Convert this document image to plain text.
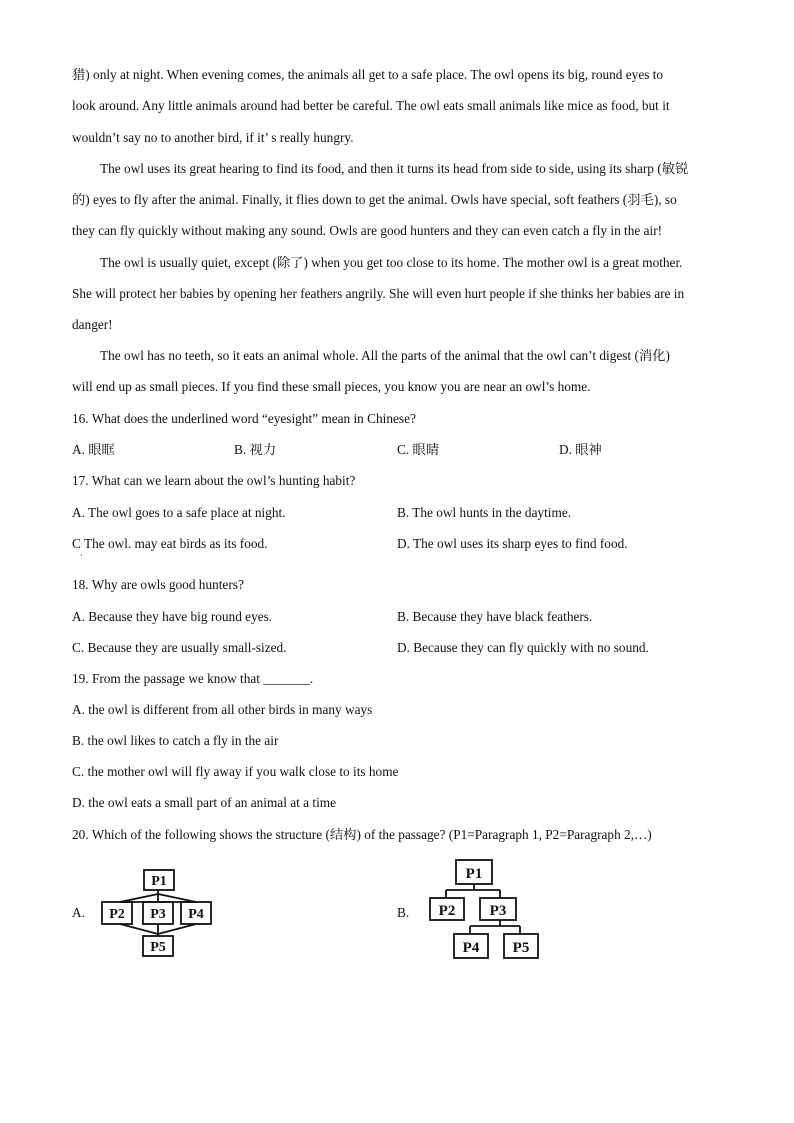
猎) only at night. When evening comes, the animals all get to a safe place. The owl opens its big, round eyes to
look around. Any little animals around had better be careful. The owl eats small animals like mice as food, but it
wouldn’t say no to another bird, if it’ s really hungry.
The owl uses its great hearing to find its food, and then it turns its head from side to side, using its sharp (敏锐
的) eyes to fly after the animal. Finally, it flies down to get the animal. Owls have special, soft feathers (羽毛), so
they can fly quickly without making any sound. Owls are good hunters and they can even catch a fly in the air!
The owl is usually quiet, except (除了) when you get too close to its home. The mother owl is a great mother.
She will protect her babies by opening her feathers angrily. She will even hurt people if she thinks her babies are in
danger!
The owl has no teeth, so it eats an animal whole. All the parts of the animal that the owl can’t digest (消化)
will end up as small pieces. If you find these small pieces, you know you are near an owl’s home.
16. What does the underlined word “eyesight” mean in Chinese?
A. 眼眶	B. 视力	C. 眼睛	D. 眼神
17. What can we learn about the owl’s hunting habit?
A. The owl goes to a safe place at night.	B. The owl hunts in the daytime.
C The owl. may eat birds as its food.
·
D. The owl uses its sharp eyes to find food.
18. Why are owls good hunters?
A. Because they have big round eyes.	B. Because they have black feathers.
C. Because they are usually small-sized.	D. Because they can fly quickly with no sound.
19. From the passage we know that _______.
A. the owl is different from all other birds in many ways
B. the owl likes to catch a fly in the air
C. the mother owl will fly away if you walk close to its home
D. the owl eats a small part of an animal at a time
20. Which of the following shows the structure (结构) of the passage? (P1=Paragraph 1, P2=Paragraph 2,…)
A.	B.
P1
P2 P3 P4
P5
P1
P2 P3
P4 P5
